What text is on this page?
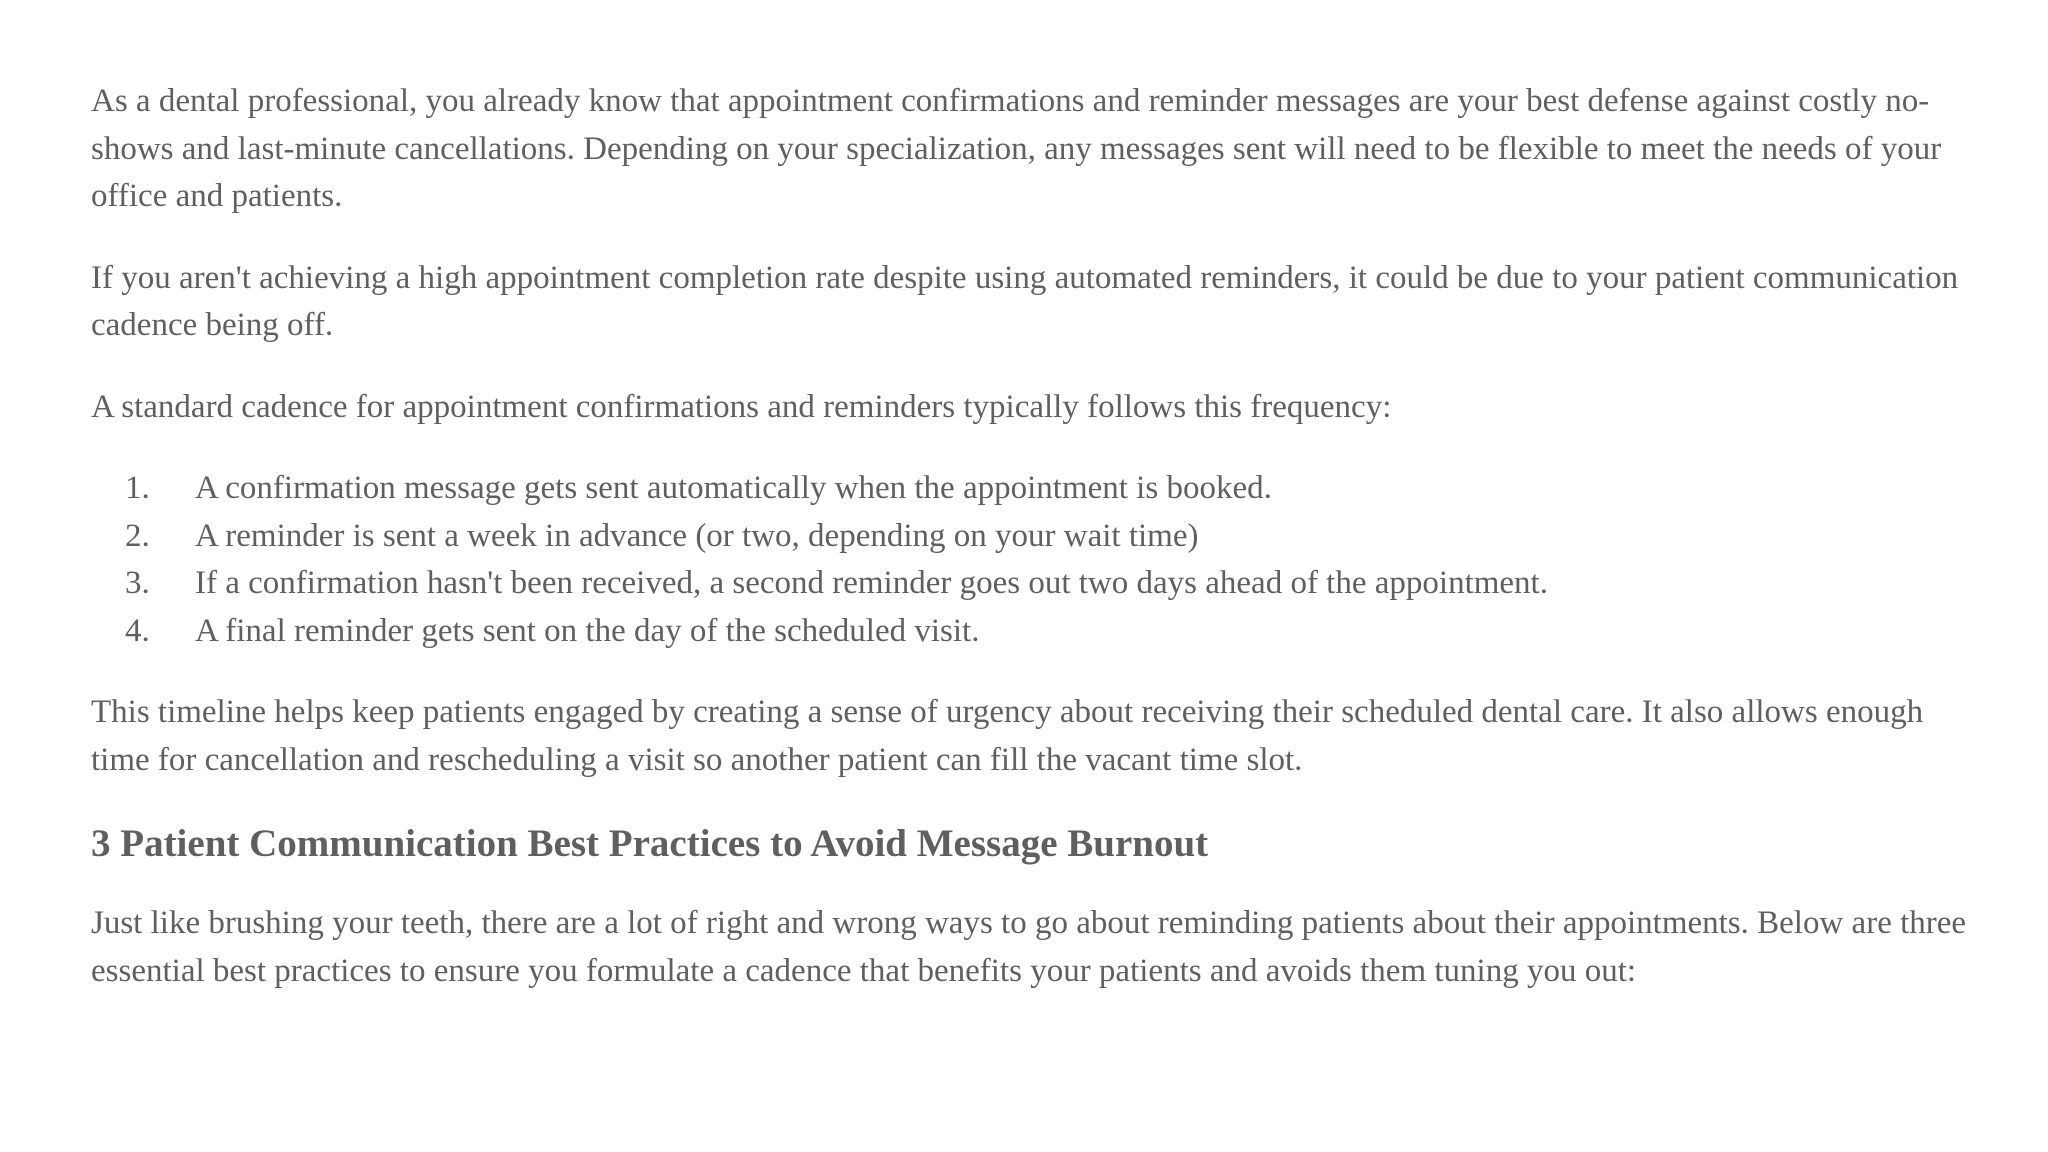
As a dental professional, you already know that appointment confirmations and reminder messages are your best defense against costly no-shows and last-minute cancellations. Depending on your specialization, any messages sent will need to be flexible to meet the needs of your office and patients.

If you aren't achieving a high appointment completion rate despite using automated reminders, it could be due to your patient communication cadence being off.

A standard cadence for appointment confirmations and reminders typically follows this frequency:

1.	A confirmation message gets sent automatically when the appointment is booked.
2.	A reminder is sent a week in advance (or two, depending on your wait time)
3.	If a confirmation hasn't been received, a second reminder goes out two days ahead of the appointment.
4.	A final reminder gets sent on the day of the scheduled visit.

This timeline helps keep patients engaged by creating a sense of urgency about receiving their scheduled dental care. It also allows enough time for cancellation and rescheduling a visit so another patient can fill the vacant time slot.

3 Patient Communication Best Practices to Avoid Message Burnout

Just like brushing your teeth, there are a lot of right and wrong ways to go about reminding patients about their appointments. Below are three essential best practices to ensure you formulate a cadence that benefits your patients and avoids them tuning you out:
